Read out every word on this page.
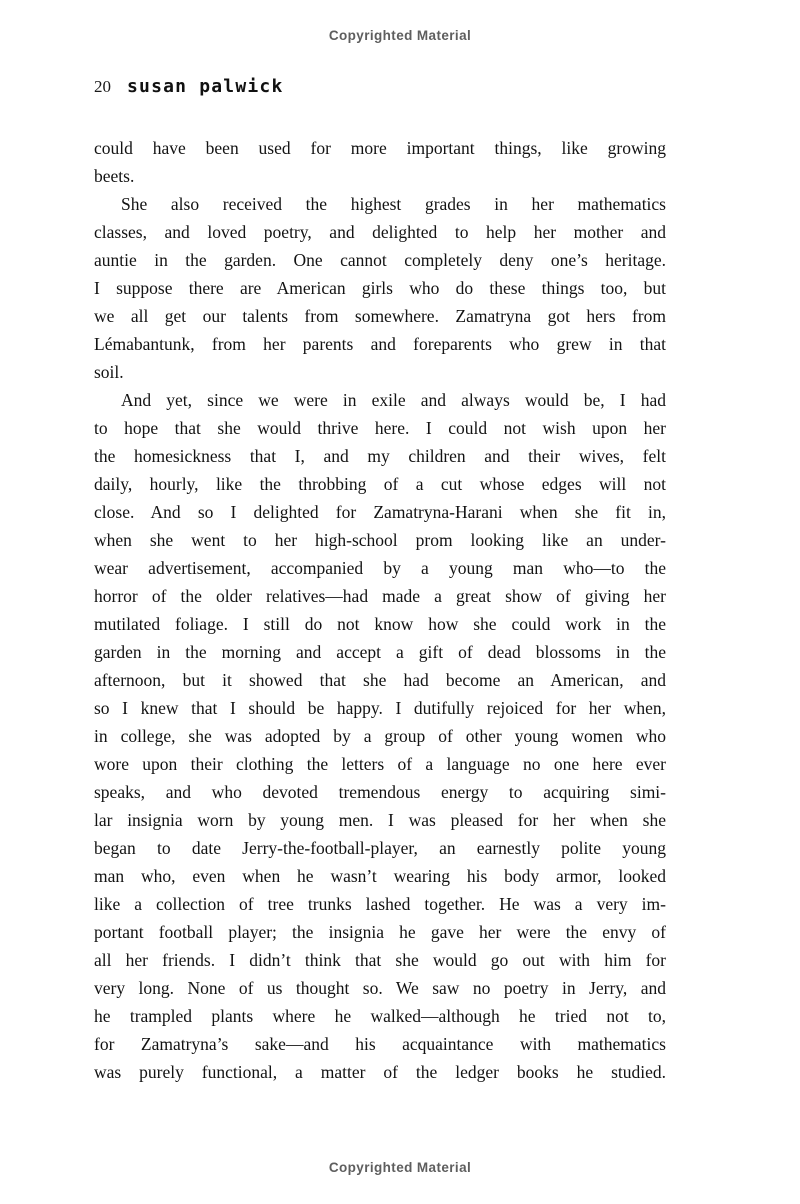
Copyrighted Material
20 susan palwick
could have been used for more important things, like growing
beets.
She also received the highest grades in her mathematics
classes, and loved poetry, and delighted to help her mother and
auntie in the garden. One cannot completely deny one’s heritage.
I suppose there are American girls who do these things too, but
we all get our talents from somewhere. Zamatryna got hers from
Lémabantunk, from her parents and foreparents who grew in that
soil.
And yet, since we were in exile and always would be, I had
to hope that she would thrive here. I could not wish upon her
the homesickness that I, and my children and their wives, felt
daily, hourly, like the throbbing of a cut whose edges will not
close. And so I delighted for Zamatryna-Harani when she fit in,
when she went to her high-school prom looking like an under-
wear advertisement, accompanied by a young man who—to the
horror of the older relatives—had made a great show of giving her
mutilated foliage. I still do not know how she could work in the
garden in the morning and accept a gift of dead blossoms in the
afternoon, but it showed that she had become an American, and
so I knew that I should be happy. I dutifully rejoiced for her when,
in college, she was adopted by a group of other young women who
wore upon their clothing the letters of a language no one here ever
speaks, and who devoted tremendous energy to acquiring simi-
lar insignia worn by young men. I was pleased for her when she
began to date Jerry-the-football-player, an earnestly polite young
man who, even when he wasn’t wearing his body armor, looked
like a collection of tree trunks lashed together. He was a very im-
portant football player; the insignia he gave her were the envy of
all her friends. I didn’t think that she would go out with him for
very long. None of us thought so. We saw no poetry in Jerry, and
he trampled plants where he walked—although he tried not to,
for Zamatryna’s sake—and his acquaintance with mathematics
was purely functional, a matter of the ledger books he studied.
Copyrighted Material
